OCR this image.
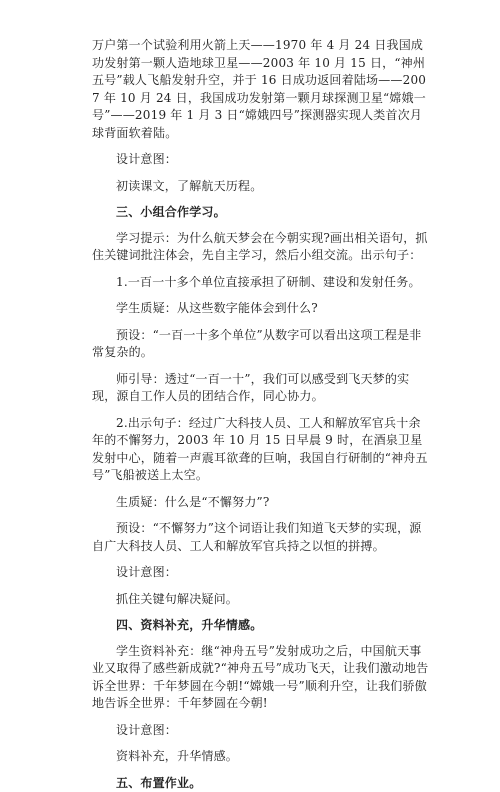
万户第一个试验利用火箭上天——1970 年 4 月 24 日我国成功发射第一颗人造地球卫星——2003 年 10 月 15 日，“神州五号”载人飞船发射升空，并于 16 日成功返回着陆场——2007 年 10 月 24 日，我国成功发射第一颗月球探测卫星“嫦娥一号”——2019 年 1 月 3 日“嫦娥四号”探测器实现人类首次月球背面软着陆。
设计意图：
初读课文，了解航天历程。
三、小组合作学习。
学习提示：为什么航天梦会在今朝实现?画出相关语句，抓住关键词批注体会，先自主学习，然后小组交流。出示句子：
1.一百一十多个单位直接承担了研制、建设和发射任务。
学生质疑：从这些数字能体会到什么?
预设：“一百一十多个单位”从数字可以看出这项工程是非常复杂的。
师引导：透过“一百一十”，我们可以感受到飞天梦的实现，源自工作人员的团结合作，同心协力。
2.出示句子：经过广大科技人员、工人和解放军官兵十余年的不懈努力，2003 年 10 月 15 日早晨 9 时，在酒泉卫星发射中心，随着一声震耳欲聋的巨响，我国自行研制的“神舟五号”飞船被送上太空。
生质疑：什么是“不懈努力”?
预设：“不懈努力”这个词语让我们知道飞天梦的实现，源自广大科技人员、工人和解放军官兵持之以恒的拼搏。
设计意图：
抓住关键句解决疑问。
四、资料补充，升华情感。
学生资料补充：继“神舟五号”发射成功之后，中国航天事业又取得了感些新成就?“神舟五号”成功飞天，让我们激动地告诉全世界：千年梦圆在今朝!“嫦娥一号”顺利升空，让我们骄傲地告诉全世界：千年梦圆在今朝!
设计意图：
资料补充，升华情感。
五、布置作业。
